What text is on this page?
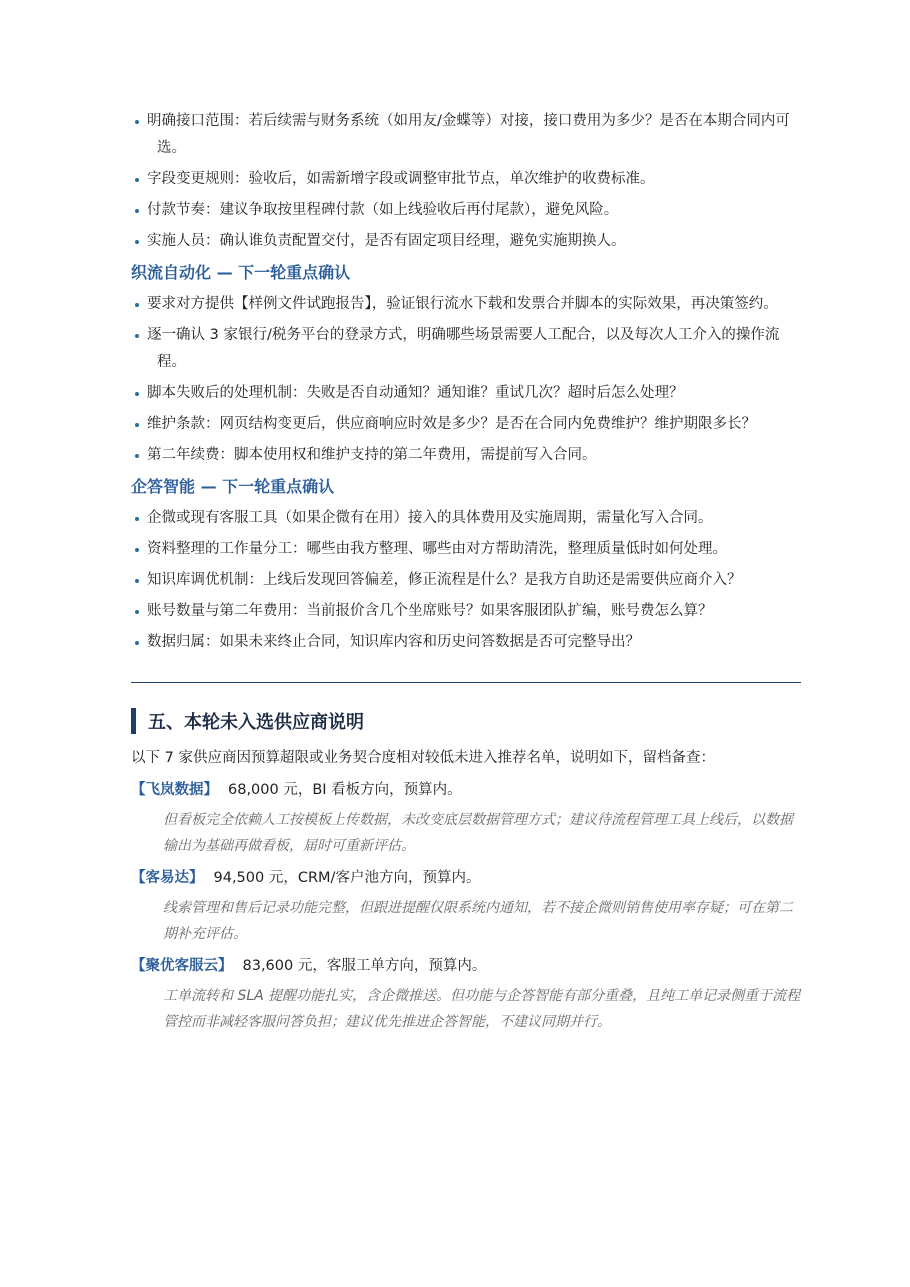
明确接口范围：若后续需与财务系统（如用友/金蝶等）对接，接口费用为多少？是否在本期合同内可选。
字段变更规则：验收后，如需新增字段或调整审批节点，单次维护的收费标准。
付款节奏：建议争取按里程碑付款（如上线验收后再付尾款），避免风险。
实施人员：确认谁负责配置交付，是否有固定项目经理，避免实施期换人。
织流自动化 — 下一轮重点确认
要求对方提供【样例文件试跑报告】，验证银行流水下载和发票合并脚本的实际效果，再决策签约。
逐一确认 3 家银行/税务平台的登录方式，明确哪些场景需要人工配合，以及每次人工介入的操作流程。
脚本失败后的处理机制：失败是否自动通知？通知谁？重试几次？超时后怎么处理？
维护条款：网页结构变更后，供应商响应时效是多少？是否在合同内免费维护？维护期限多长？
第二年续费：脚本使用权和维护支持的第二年费用，需提前写入合同。
企答智能 — 下一轮重点确认
企微或现有客服工具（如果企微有在用）接入的具体费用及实施周期，需量化写入合同。
资料整理的工作量分工：哪些由我方整理、哪些由对方帮助清洗，整理质量低时如何处理。
知识库调优机制：上线后发现回答偏差，修正流程是什么？是我方自助还是需要供应商介入？
账号数量与第二年费用：当前报价含几个坐席账号？如果客服团队扩编，账号费怎么算？
数据归属：如果未来终止合同，知识库内容和历史问答数据是否可完整导出？
五、本轮未入选供应商说明
以下 7 家供应商因预算超限或业务契合度相对较低未进入推荐名单，说明如下，留档备查：
【飞岚数据】 68,000 元，BI 看板方向，预算内。
但看板完全依赖人工按模板上传数据，未改变底层数据管理方式；建议待流程管理工具上线后，以数据输出为基础再做看板，届时可重新评估。
【客易达】 94,500 元，CRM/客户池方向，预算内。
线索管理和售后记录功能完整，但跟进提醒仅限系统内通知，若不接企微则销售使用率存疑；可在第二期补充评估。
【聚优客服云】 83,600 元，客服工单方向，预算内。
工单流转和 SLA 提醒功能扎实，含企微推送。但功能与企答智能有部分重叠，且纯工单记录侧重于流程管控而非减轻客服问答负担；建议优先推进企答智能，不建议同期并行。
